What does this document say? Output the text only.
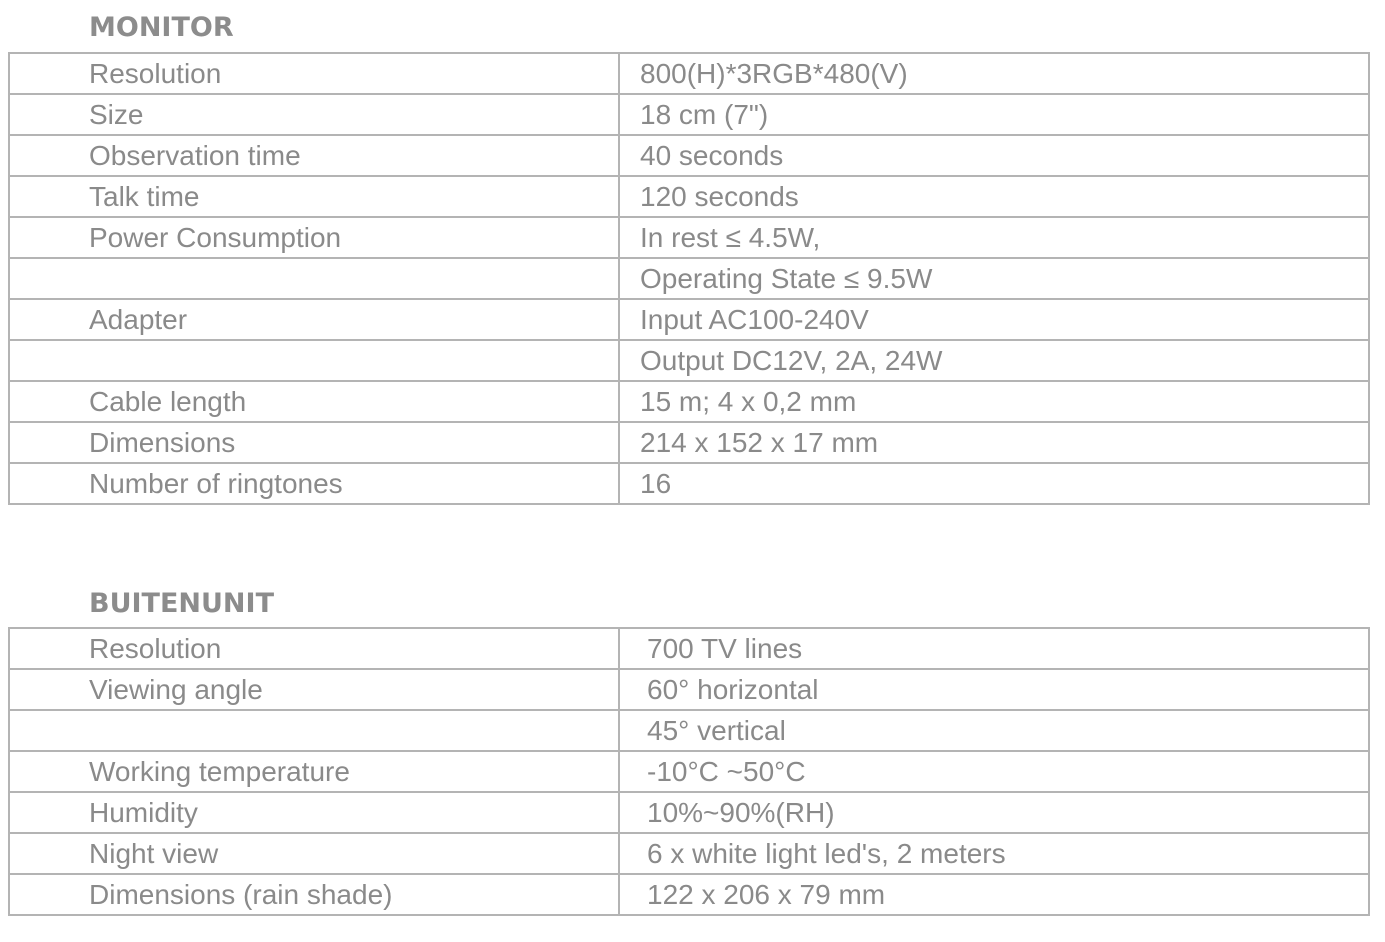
MONITOR
Resolution	800(H)*3RGB*480(V)
Size	18 cm (7")
Observation time	40 seconds
Talk time	120 seconds
Power Consumption	In rest ≤ 4.5W,
	Operating State ≤ 9.5W
Adapter	Input AC100-240V
	Output DC12V, 2A, 24W
Cable length	15 m; 4 x 0,2 mm
Dimensions	214 x 152 x 17 mm
Number of ringtones	16
BUITENUNIT
Resolution	700 TV lines
Viewing angle	60° horizontal
	45° vertical
Working temperature	-10°C ~50°C
Humidity	10%~90%(RH)
Night view	6 x white light led's, 2 meters
Dimensions (rain shade)	122 x 206 x 79 mm
